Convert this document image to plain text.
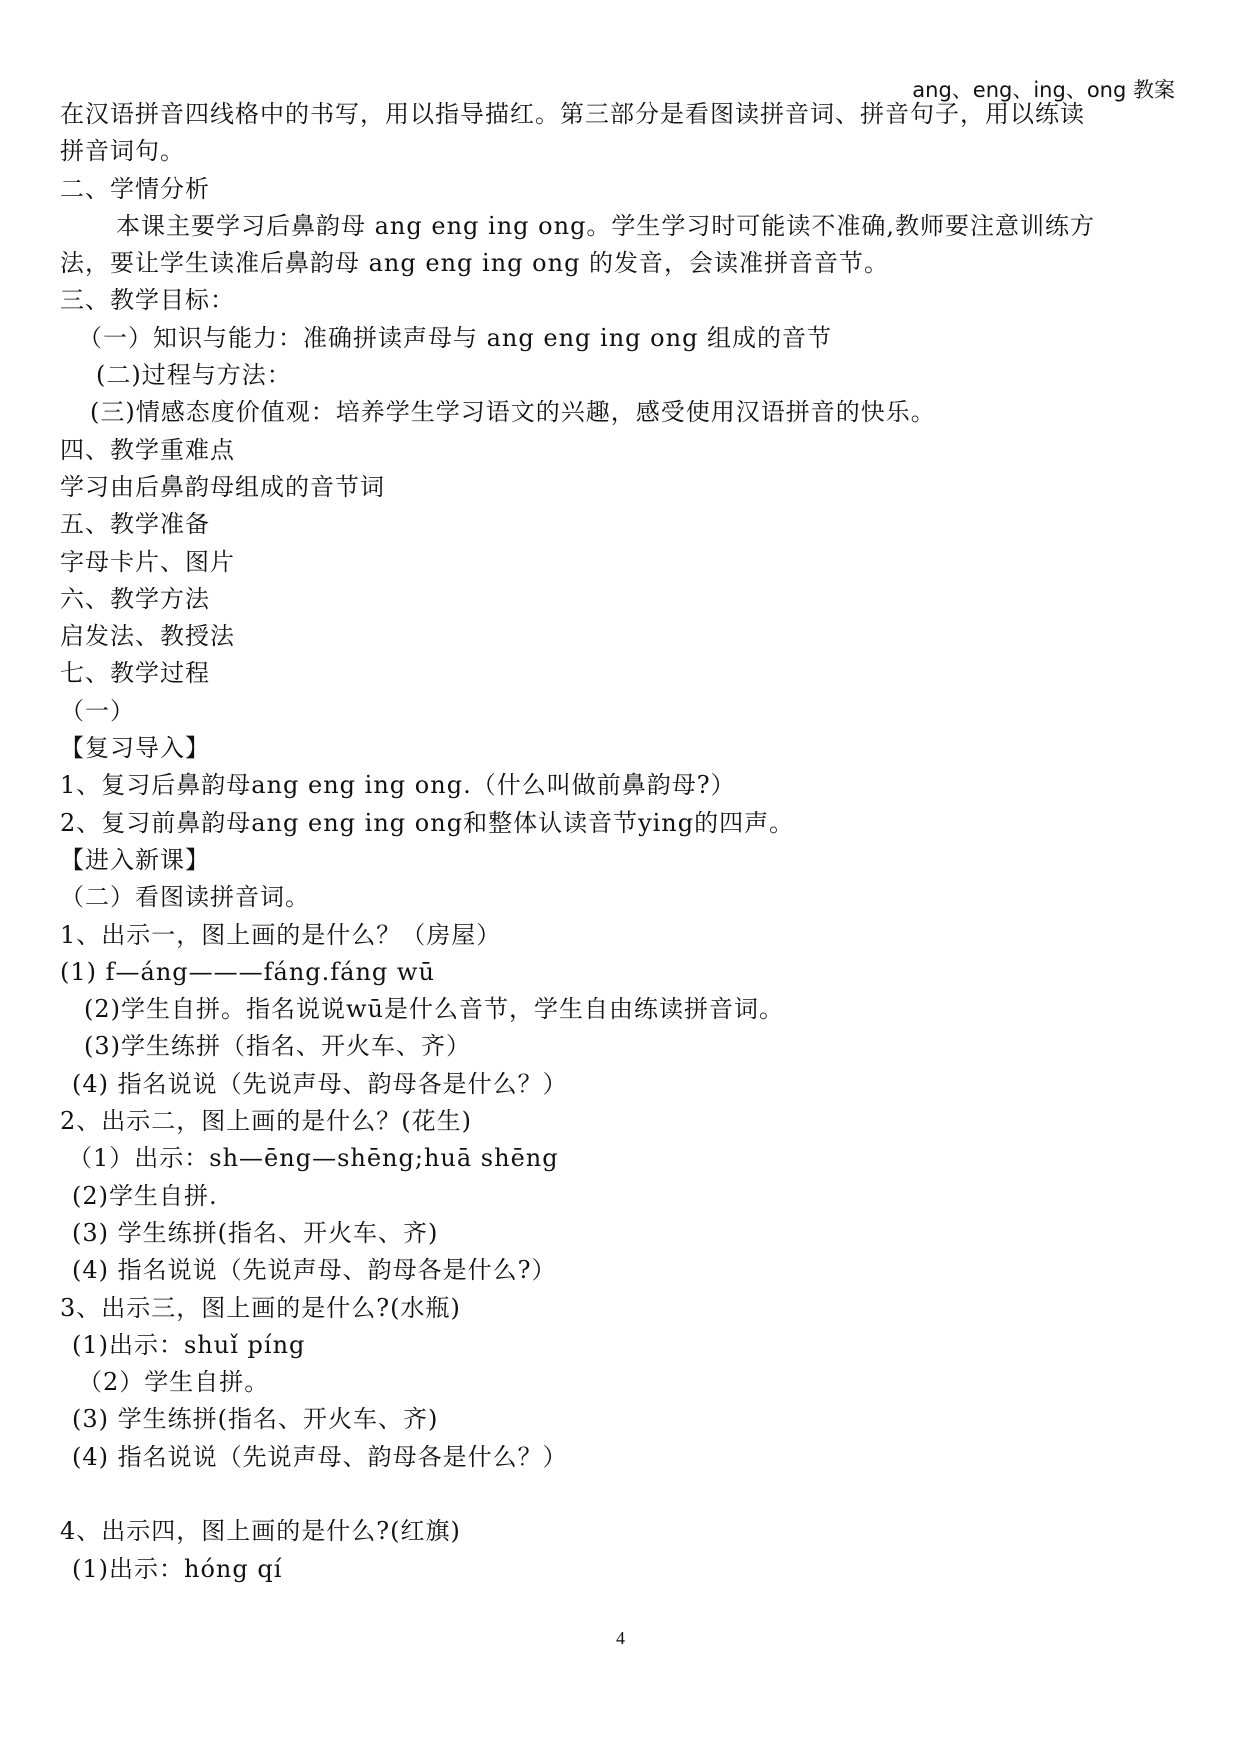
ang、eng、ing、ong 教案
在汉语拼音四线格中的书写，用以指导描红。第三部分是看图读拼音词、拼音句子，用以练读
拼音词句。
二、学情分析
本课主要学习后鼻韵母 ang eng ing ong。学生学习时可能读不准确,教师要注意训练方
法，要让学生读准后鼻韵母 ang eng ing ong 的发音，会读准拼音音节。
三、教学目标：
（一）知识与能力：准确拼读声母与 ang eng ing ong 组成的音节
(二)过程与方法：
(三)情感态度价值观：培养学生学习语文的兴趣，感受使用汉语拼音的快乐。
四、教学重难点
学习由后鼻韵母组成的音节词
五、教学准备
字母卡片、图片
六、教学方法
启发法、教授法
七、教学过程
（一）
【复习导入】
1、复习后鼻韵母ang eng ing ong.（什么叫做前鼻韵母?）
2、复习前鼻韵母ang eng ing ong和整体认读音节ying的四声。
【进入新课】
（二）看图读拼音词。
1、出示一，图上画的是什么？（房屋）
(1) f—áng———fáng.fáng wū
(2)学生自拼。指名说说wū是什么音节，学生自由练读拼音词。
(3)学生练拼（指名、开火车、齐）
(4) 指名说说（先说声母、韵母各是什么？）
2、出示二，图上画的是什么？(花生)
（1）出示：sh—ēng—shēng;huā shēng
(2)学生自拼.
(3) 学生练拼(指名、开火车、齐)
(4) 指名说说（先说声母、韵母各是什么?）
3、出示三，图上画的是什么?(水瓶)
(1)出示：shuǐ píng
（2）学生自拼。
(3) 学生练拼(指名、开火车、齐)
(4) 指名说说（先说声母、韵母各是什么？）
4、出示四，图上画的是什么?(红旗)
(1)出示：hóng qí
4
